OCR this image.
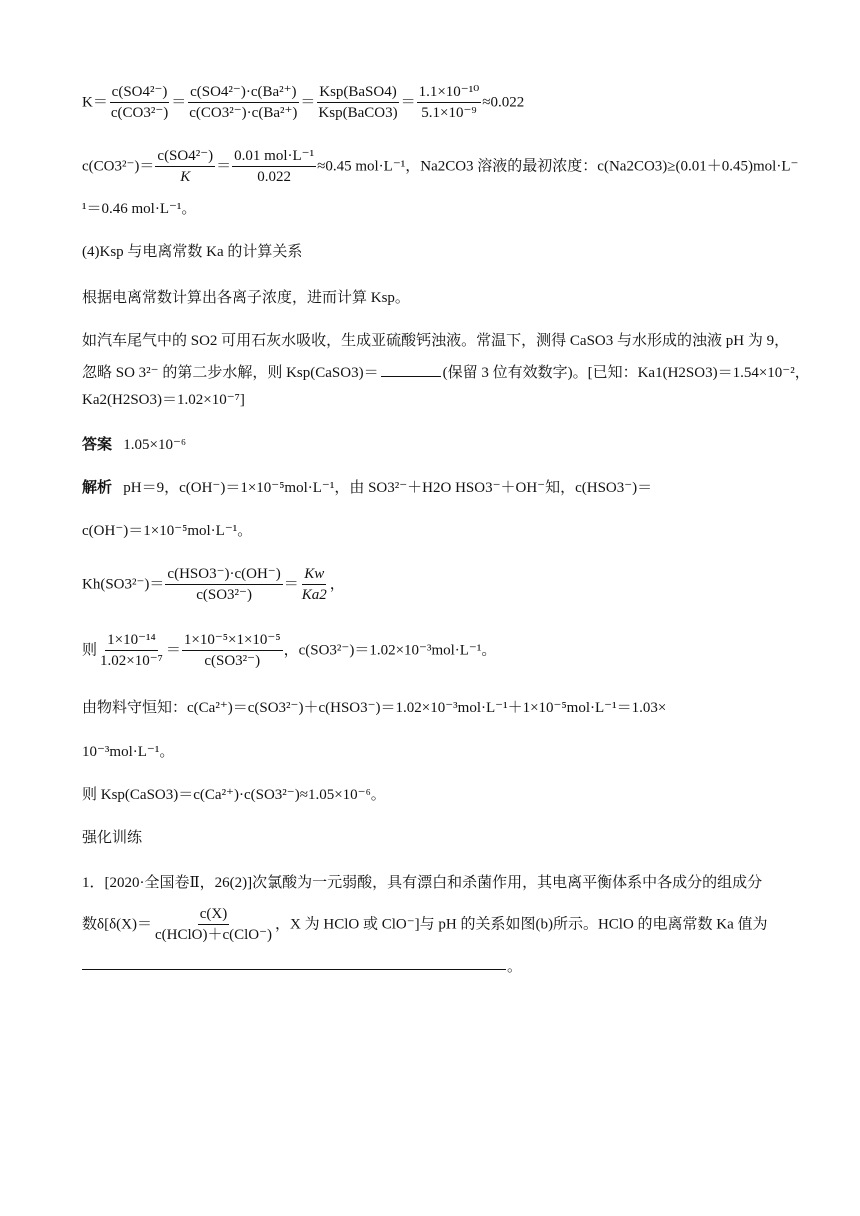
$K= \frac{\text{c(SO4²⁻)}}{\text{c(CO3²⁻)}} = \frac{\text{c(SO4²⁻)·c(Ba²⁺)}}{\text{c(CO3²⁻)·c(Ba²⁺)}} = \frac{\text{Ksp(BaSO4)}}{\text{Ksp(BaCO3)}} = \frac{\text{1.1×10⁻¹⁰}}{\text{5.1×10⁻⁹}} \approx 0.022$
$c(CO3^{2-})= \frac{\text{c(SO4²⁻)}}{K} = \frac{\text{0.01 mol·L⁻¹}}{0.022} \approx 0.45$ mol·L⁻¹，Na2CO3 溶液的最初浓度：c(Na2CO3)≥(0.01＋0.45)mol·L⁻
¹＝0.46 mol·L⁻¹。
(4)Ksp 与电离常数 Ka 的计算关系
根据电离常数计算出各离子浓度，进而计算 Ksp。
如汽车尾气中的 SO2 可用石灰水吸收，生成亚硫酸钙浊液。常温下，测得 CaSO3 与水形成的浊液 pH 为 9，
忽略 SO 3²⁻ 的第二步水解，则 Ksp(CaSO3)＝	(保留 3 位有效数字)。[已知：Ka1(H2SO3)＝1.54×10⁻²，
Ka2(H2SO3)＝1.02×10⁻⁷]
答案 1.05×10⁻⁶
解析 pH＝9，c(OH⁻)＝1×10⁻⁵mol·L⁻¹，由 SO3²⁻＋H2O HSO3⁻＋OH⁻知，c(HSO3⁻)＝
c(OH⁻)＝1×10⁻⁵mol·L⁻¹。
$Kh(SO3^{2-})= \frac{\text{c(HSO3⁻)·c(OH⁻)}}{\text{c(SO3²⁻)}} = \frac{Kw}{Ka2}$ ，
则 $\frac{\text{1×10⁻¹⁴}}{\text{1.02×10⁻⁷}} = \frac{\text{1×10⁻⁵×1×10⁻⁵}}{\text{c(SO3²⁻)}}$ ，c(SO3²⁻)＝1.02×10⁻³mol·L⁻¹。
由物料守恒知：c(Ca²⁺)＝c(SO3²⁻)＋c(HSO3⁻)＝1.02×10⁻³mol·L⁻¹＋1×10⁻⁵mol·L⁻¹＝1.03×
10⁻³mol·L⁻¹。
则 Ksp(CaSO3)＝c(Ca²⁺)·c(SO3²⁻)≈1.05×10⁻⁶。
强化训练
1．[2020·全国卷Ⅱ，26(2)]次氯酸为一元弱酸，具有漂白和杀菌作用，其电离平衡体系中各成分的组成分
数$\delta[\delta(X)= \frac{c(X)}{\text{c(HClO)＋c(ClO⁻)}}$ ，X 为 HClO 或 ClO⁻]与 pH 的关系如图(b)所示。HClO 的电离常数 Ka 值为
。
